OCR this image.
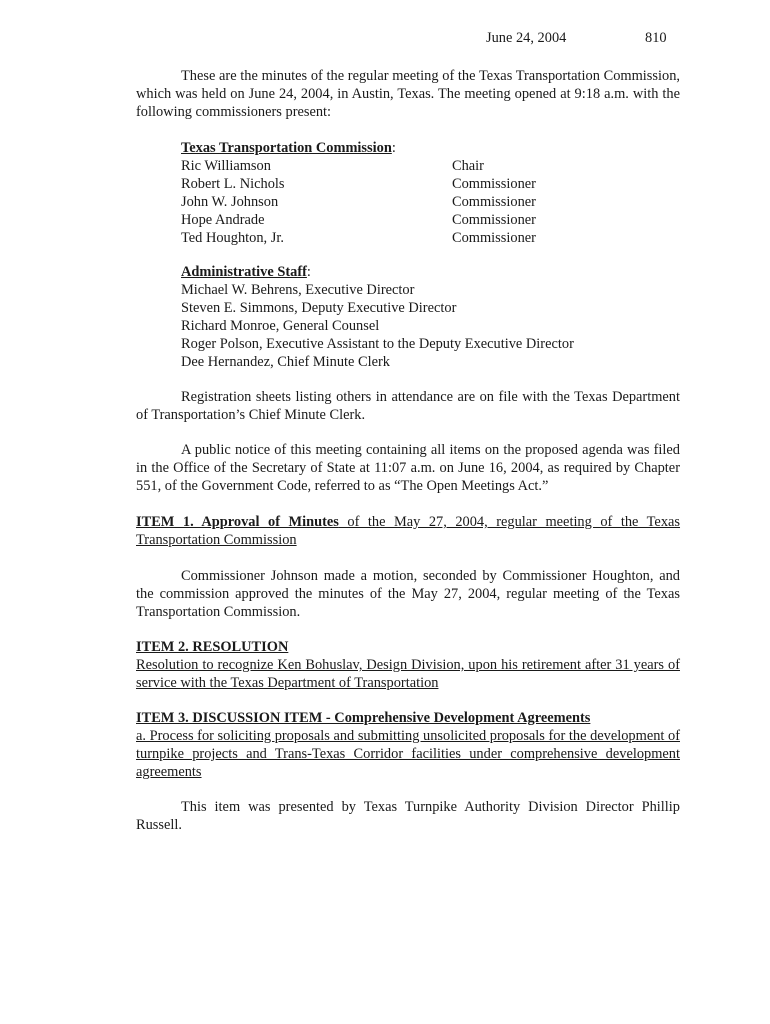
June 24, 2004	810

These are the minutes of the regular meeting of the Texas Transportation Commission, which was held on June 24, 2004, in Austin, Texas. The meeting opened at 9:18 a.m. with the following commissioners present:

Texas Transportation Commission:
Ric Williamson	Chair
Robert L. Nichols	Commissioner
John W. Johnson	Commissioner
Hope Andrade	Commissioner
Ted Houghton, Jr.	Commissioner
Administrative Staff:
Michael W. Behrens, Executive Director
Steven E. Simmons, Deputy Executive Director
Richard Monroe, General Counsel
Roger Polson, Executive Assistant to the Deputy Executive Director
Dee Hernandez, Chief Minute Clerk

Registration sheets listing others in attendance are on file with the Texas Department of Transportation’s Chief Minute Clerk.

A public notice of this meeting containing all items on the proposed agenda was filed in the Office of the Secretary of State at 11:07 a.m. on June 16, 2004, as required by Chapter 551, of the Government Code, referred to as “The Open Meetings Act.”

ITEM 1. Approval of Minutes of the May 27, 2004, regular meeting of the Texas Transportation Commission

Commissioner Johnson made a motion, seconded by Commissioner Houghton, and the commission approved the minutes of the May 27, 2004, regular meeting of the Texas Transportation Commission.

ITEM 2. RESOLUTION

Resolution to recognize Ken Bohuslav, Design Division, upon his retirement after 31 years of service with the Texas Department of Transportation

ITEM 3. DISCUSSION ITEM - Comprehensive Development Agreements

a. Process for soliciting proposals and submitting unsolicited proposals for the development of turnpike projects and Trans-Texas Corridor facilities under comprehensive development agreements

This item was presented by Texas Turnpike Authority Division Director Phillip Russell.
